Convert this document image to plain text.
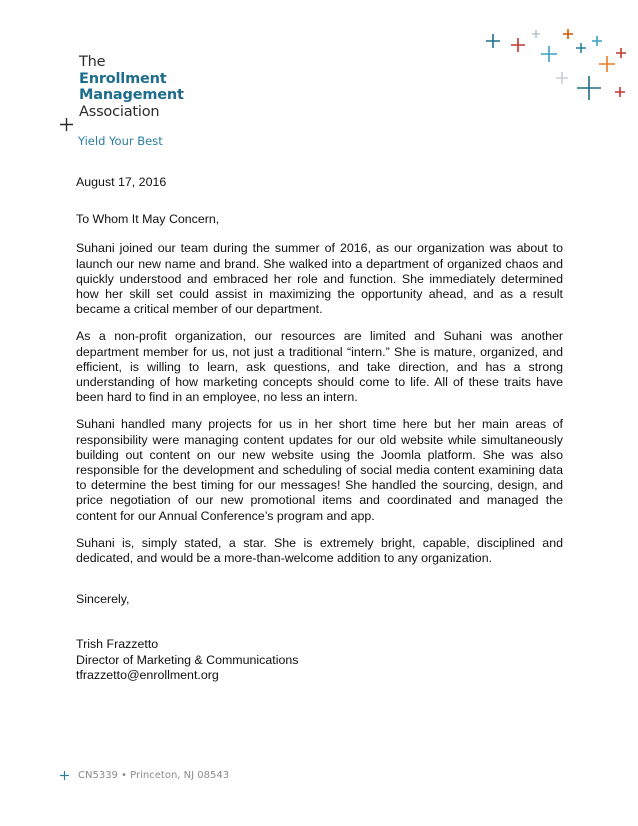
The
Enrollment
Management
Association
Yield Your Best

August 17, 2016

To Whom It May Concern,

Suhani joined our team during the summer of 2016, as our organization was about to launch our new name and brand. She walked into a department of organized chaos and quickly understood and embraced her role and function. She immediately determined how her skill set could assist in maximizing the opportunity ahead, and as a result became a critical member of our department.

As a non-profit organization, our resources are limited and Suhani was another department member for us, not just a traditional “intern.” She is mature, organized, and efficient, is willing to learn, ask questions, and take direction, and has a strong understanding of how marketing concepts should come to life. All of these traits have been hard to find in an employee, no less an intern.

Suhani handled many projects for us in her short time here but her main areas of responsibility were managing content updates for our old website while simultaneously building out content on our new website using the Joomla platform. She was also responsible for the development and scheduling of social media content examining data to determine the best timing for our messages! She handled the sourcing, design, and price negotiation of our new promotional items and coordinated and managed the content for our Annual Conference’s program and app.

Suhani is, simply stated, a star. She is extremely bright, capable, disciplined and dedicated, and would be a more-than-welcome addition to any organization.

Sincerely,

Trish Frazzetto
Director of Marketing & Communications
tfrazzetto@enrollment.org
CN5339 • Princeton, NJ 08543
